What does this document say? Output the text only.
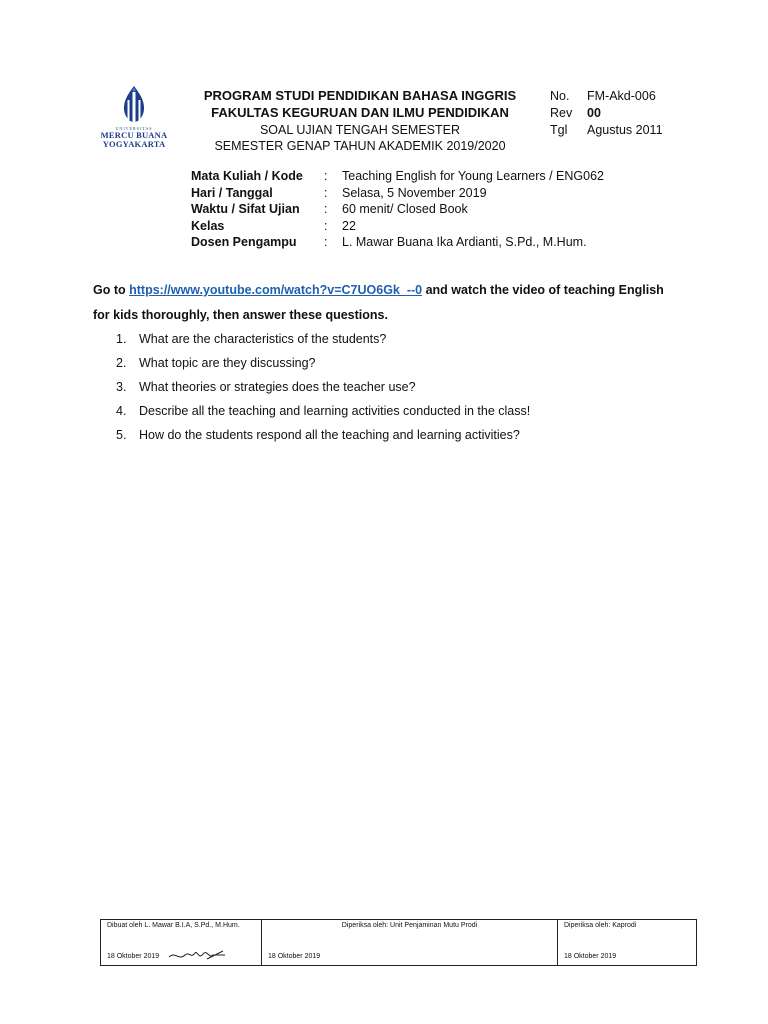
UNIVERSITAS
MERCU BUANA
YOGYAKARTA
PROGRAM STUDI PENDIDIKAN BAHASA INGGRIS
FAKULTAS KEGURUAN DAN ILMU PENDIDIKAN
SOAL UJIAN TENGAH SEMESTER
SEMESTER GENAP TAHUN AKADEMIK 2019/2020
No.	FM-Akd-006
Rev	00
Tgl	Agustus 2011
Mata Kuliah / Kode	:	Teaching English for Young Learners / ENG062
Hari / Tanggal	:	Selasa, 5 November 2019
Waktu / Sifat Ujian	:	60 menit/ Closed Book
Kelas	:	22
Dosen Pengampu	:	L. Mawar Buana Ika Ardianti, S.Pd., M.Hum.
Go to https://www.youtube.com/watch?v=C7UO6Gk_--0 and watch the video of teaching English for kids thoroughly, then answer these questions.
1.	What are the characteristics of the students?
2.	What topic are they discussing?
3.	What theories or strategies does the teacher use?
4.	Describe all the teaching and learning activities conducted in the class!
5.	How do the students respond all the teaching and learning activities?
Dibuat oleh L. Mawar B.I.A, S.Pd., M.Hum.
18 Oktober 2019

Diperiksa oleh: Unit Penjaminan Mutu Prodi
18 Oktober 2019

Diperiksa oleh: Kaprodi
18 Oktober 2019
